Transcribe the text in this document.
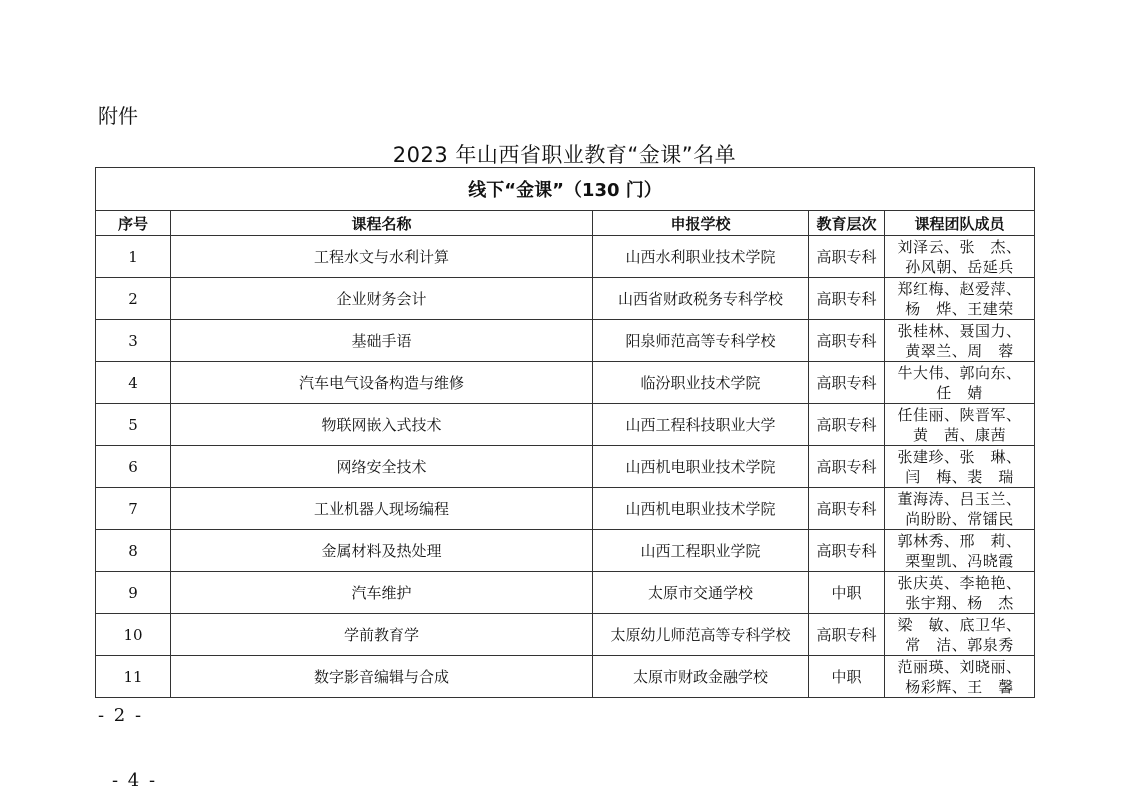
附件
2023 年山西省职业教育“金课”名单
线下“金课”（130 门）				
序号	课程名称	申报学校	教育层次	课程团队成员
1	工程水文与水利计算	山西水利职业技术学院	高职专科	刘泽云、张　杰、
孙风朝、岳延兵

2	企业财务会计	山西省财政税务专科学校	高职专科	郑红梅、赵爱萍、
杨　烨、王建荣

3	基础手语	阳泉师范高等专科学校	高职专科	张桂林、聂国力、
黄翠兰、周　蓉

4	汽车电气设备构造与维修	临汾职业技术学院	高职专科	牛大伟、郭向东、
任　婧

5	物联网嵌入式技术	山西工程科技职业大学	高职专科	任佳丽、陕晋军、
黄　茜、康茜

6	网络安全技术	山西机电职业技术学院	高职专科	张建珍、张　琳、
闫　梅、裴　瑞

7	工业机器人现场编程	山西机电职业技术学院	高职专科	董海涛、吕玉兰、
尚盼盼、常镭民

8	金属材料及热处理	山西工程职业学院	高职专科	郭林秀、邢　莉、
栗聖凯、冯晓霞

9	汽车维护	太原市交通学校	中职	张庆英、李艳艳、
张宇翔、杨　杰

10	学前教育学	太原幼儿师范高等专科学校	高职专科	梁　敏、底卫华、
常　洁、郭泉秀

11	数字影音编辑与合成	太原市财政金融学校	中职	范丽瑛、刘晓丽、
杨彩辉、王　馨
- 2 -
- 4 -
